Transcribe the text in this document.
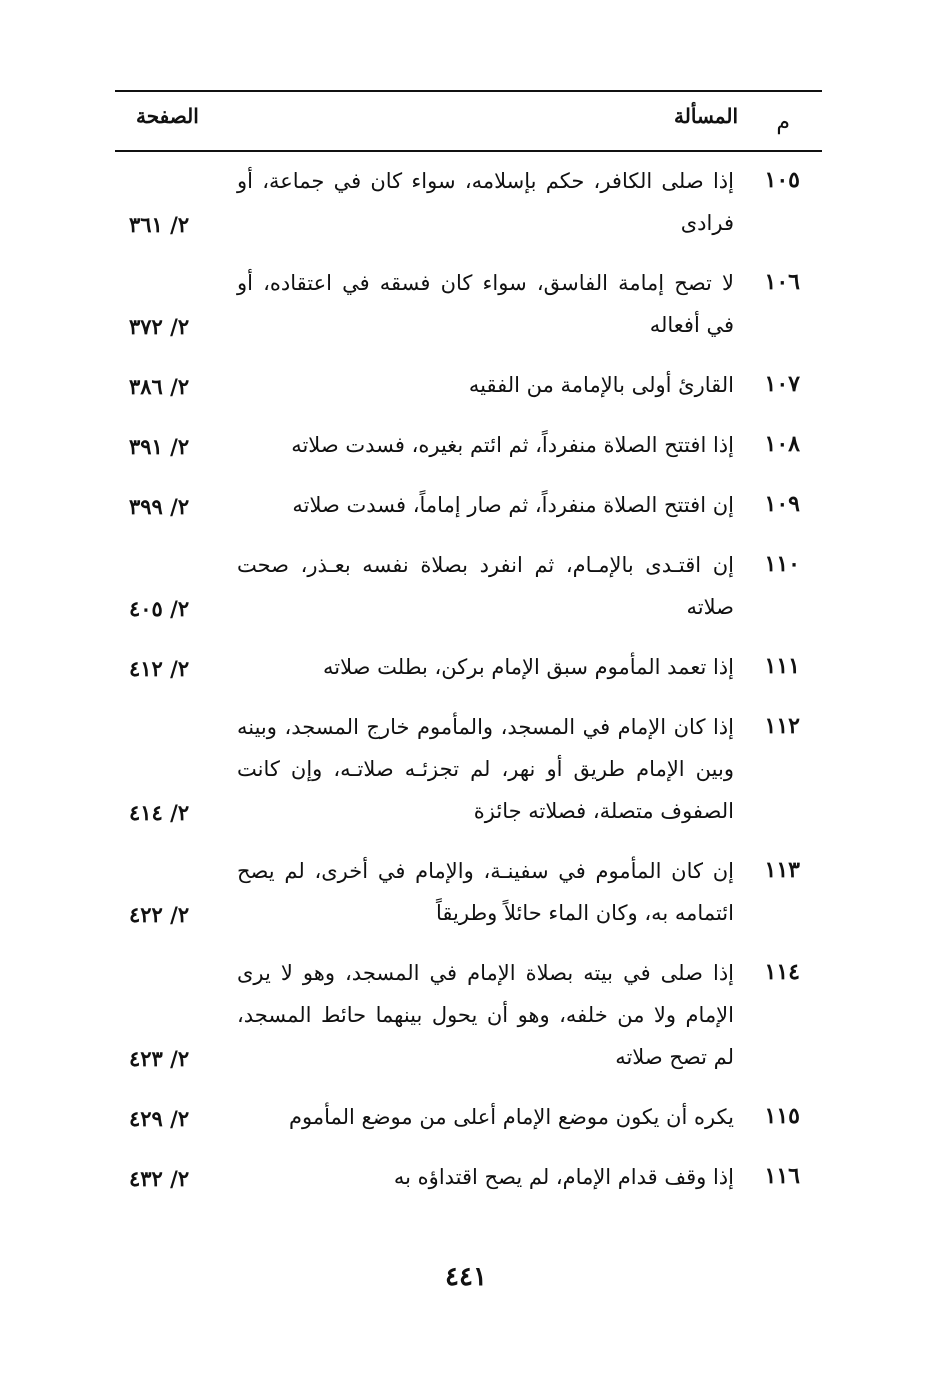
م
المسألة
الصفحة
١٠٥
إذا صلى الكافر، حكم بإسلامه، سواء كان في جماعة، أو فرادى
٢/ ٣٦١
١٠٦
لا تصح إمامة الفاسق، سواء كان فسقه في اعتقاده، أو في أفعاله
٢/ ٣٧٢
١٠٧
القارئ أولى بالإمامة من الفقيه
٢/ ٣٨٦
١٠٨
إذا افتتح الصلاة منفرداً، ثم ائتم بغيره، فسدت صلاته
٢/ ٣٩١
١٠٩
إن افتتح الصلاة منفرداً، ثم صار إماماً، فسدت صلاته
٢/ ٣٩٩
١١٠
إن اقتـدى بالإمـام، ثم انفرد بصلاة نفسه بعـذر، صحت صلاته
٢/ ٤٠٥
١١١
إذا تعمد المأموم سبق الإمام بركن، بطلت صلاته
٢/ ٤١٢
١١٢
إذا كان الإمام في المسجد، والمأموم خارج المسجد، وبينه وبين الإمام طريق أو نهر، لم تجزئـه صلاتـه، وإن كانت الصفوف متصلة، فصلاته جائزة
٢/ ٤١٤
١١٣
إن كان المأموم في سفينـة، والإمام في أخرى، لم يصح ائتمامه به، وكان الماء حائلاً وطريقاً
٢/ ٤٢٢
١١٤
إذا صلى في بيته بصلاة الإمام في المسجد، وهو لا يرى الإمام ولا من خلفه، وهو أن يحول بينهما حائط المسجد، لم تصح صلاته
٢/ ٤٢٣
١١٥
يكره أن يكون موضع الإمام أعلى من موضع المأموم
٢/ ٤٢٩
١١٦
إذا وقف قدام الإمام، لم يصح اقتداؤه به
٢/ ٤٣٢
٤٤١
